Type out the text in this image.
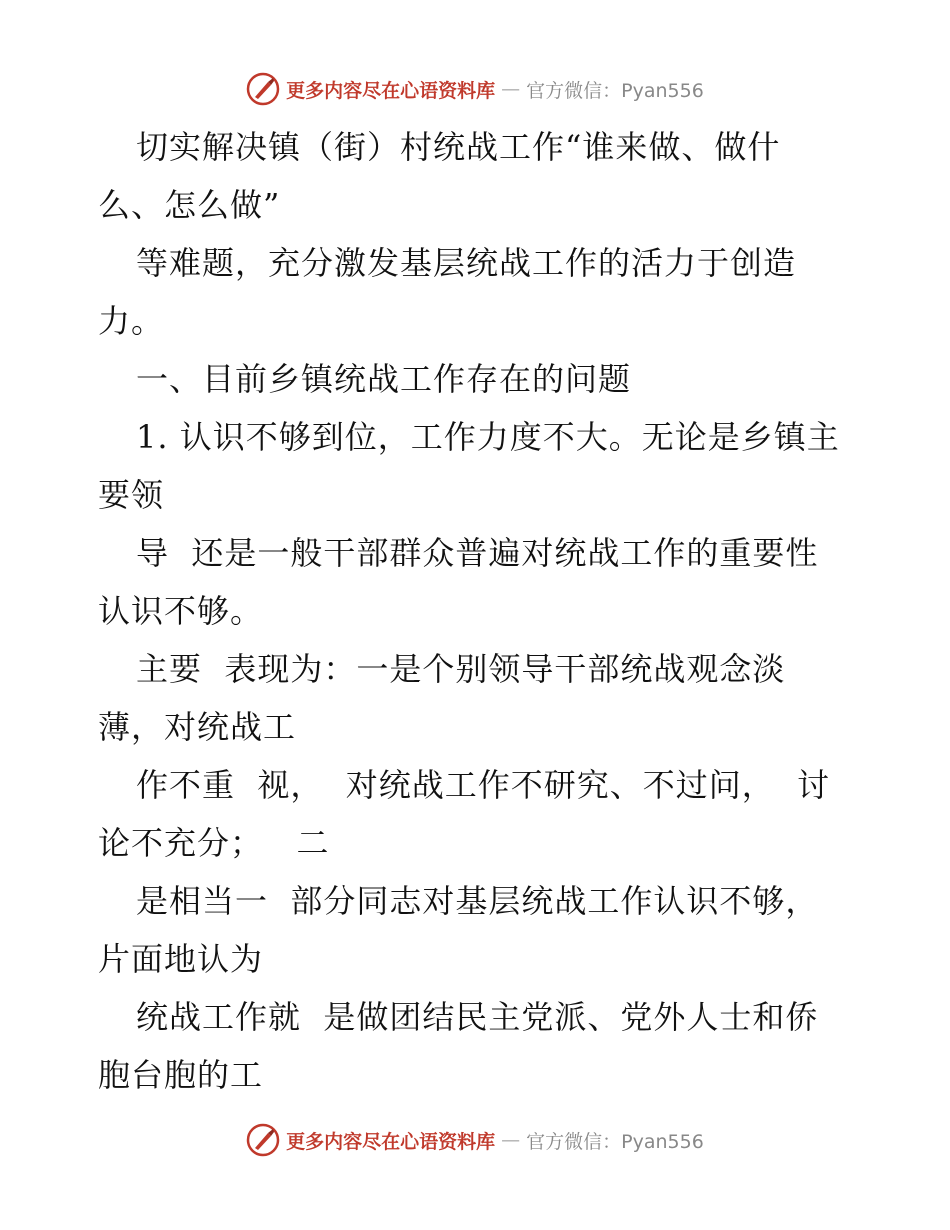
更多内容尽在心语资料库 — 官方微信：Pyan556
切实解决镇（街）村统战工作“谁来做、做什
么、怎么做”
等难题，充分激发基层统战工作的活力于创造
力。
一、目前乡镇统战工作存在的问题
1. 认识不够到位，工作力度不大。无论是乡镇主
要领
导  还是一般干部群众普遍对统战工作的重要性
认识不够。
主要  表现为：一是个别领导干部统战观念淡
薄，对统战工
作不重  视，  对统战工作不研究、不过问，  讨
论不充分；   二
是相当一  部分同志对基层统战工作认识不够，
片面地认为
统战工作就  是做团结民主党派、党外人士和侨
胞台胞的工
更多内容尽在心语资料库 — 官方微信：Pyan556
